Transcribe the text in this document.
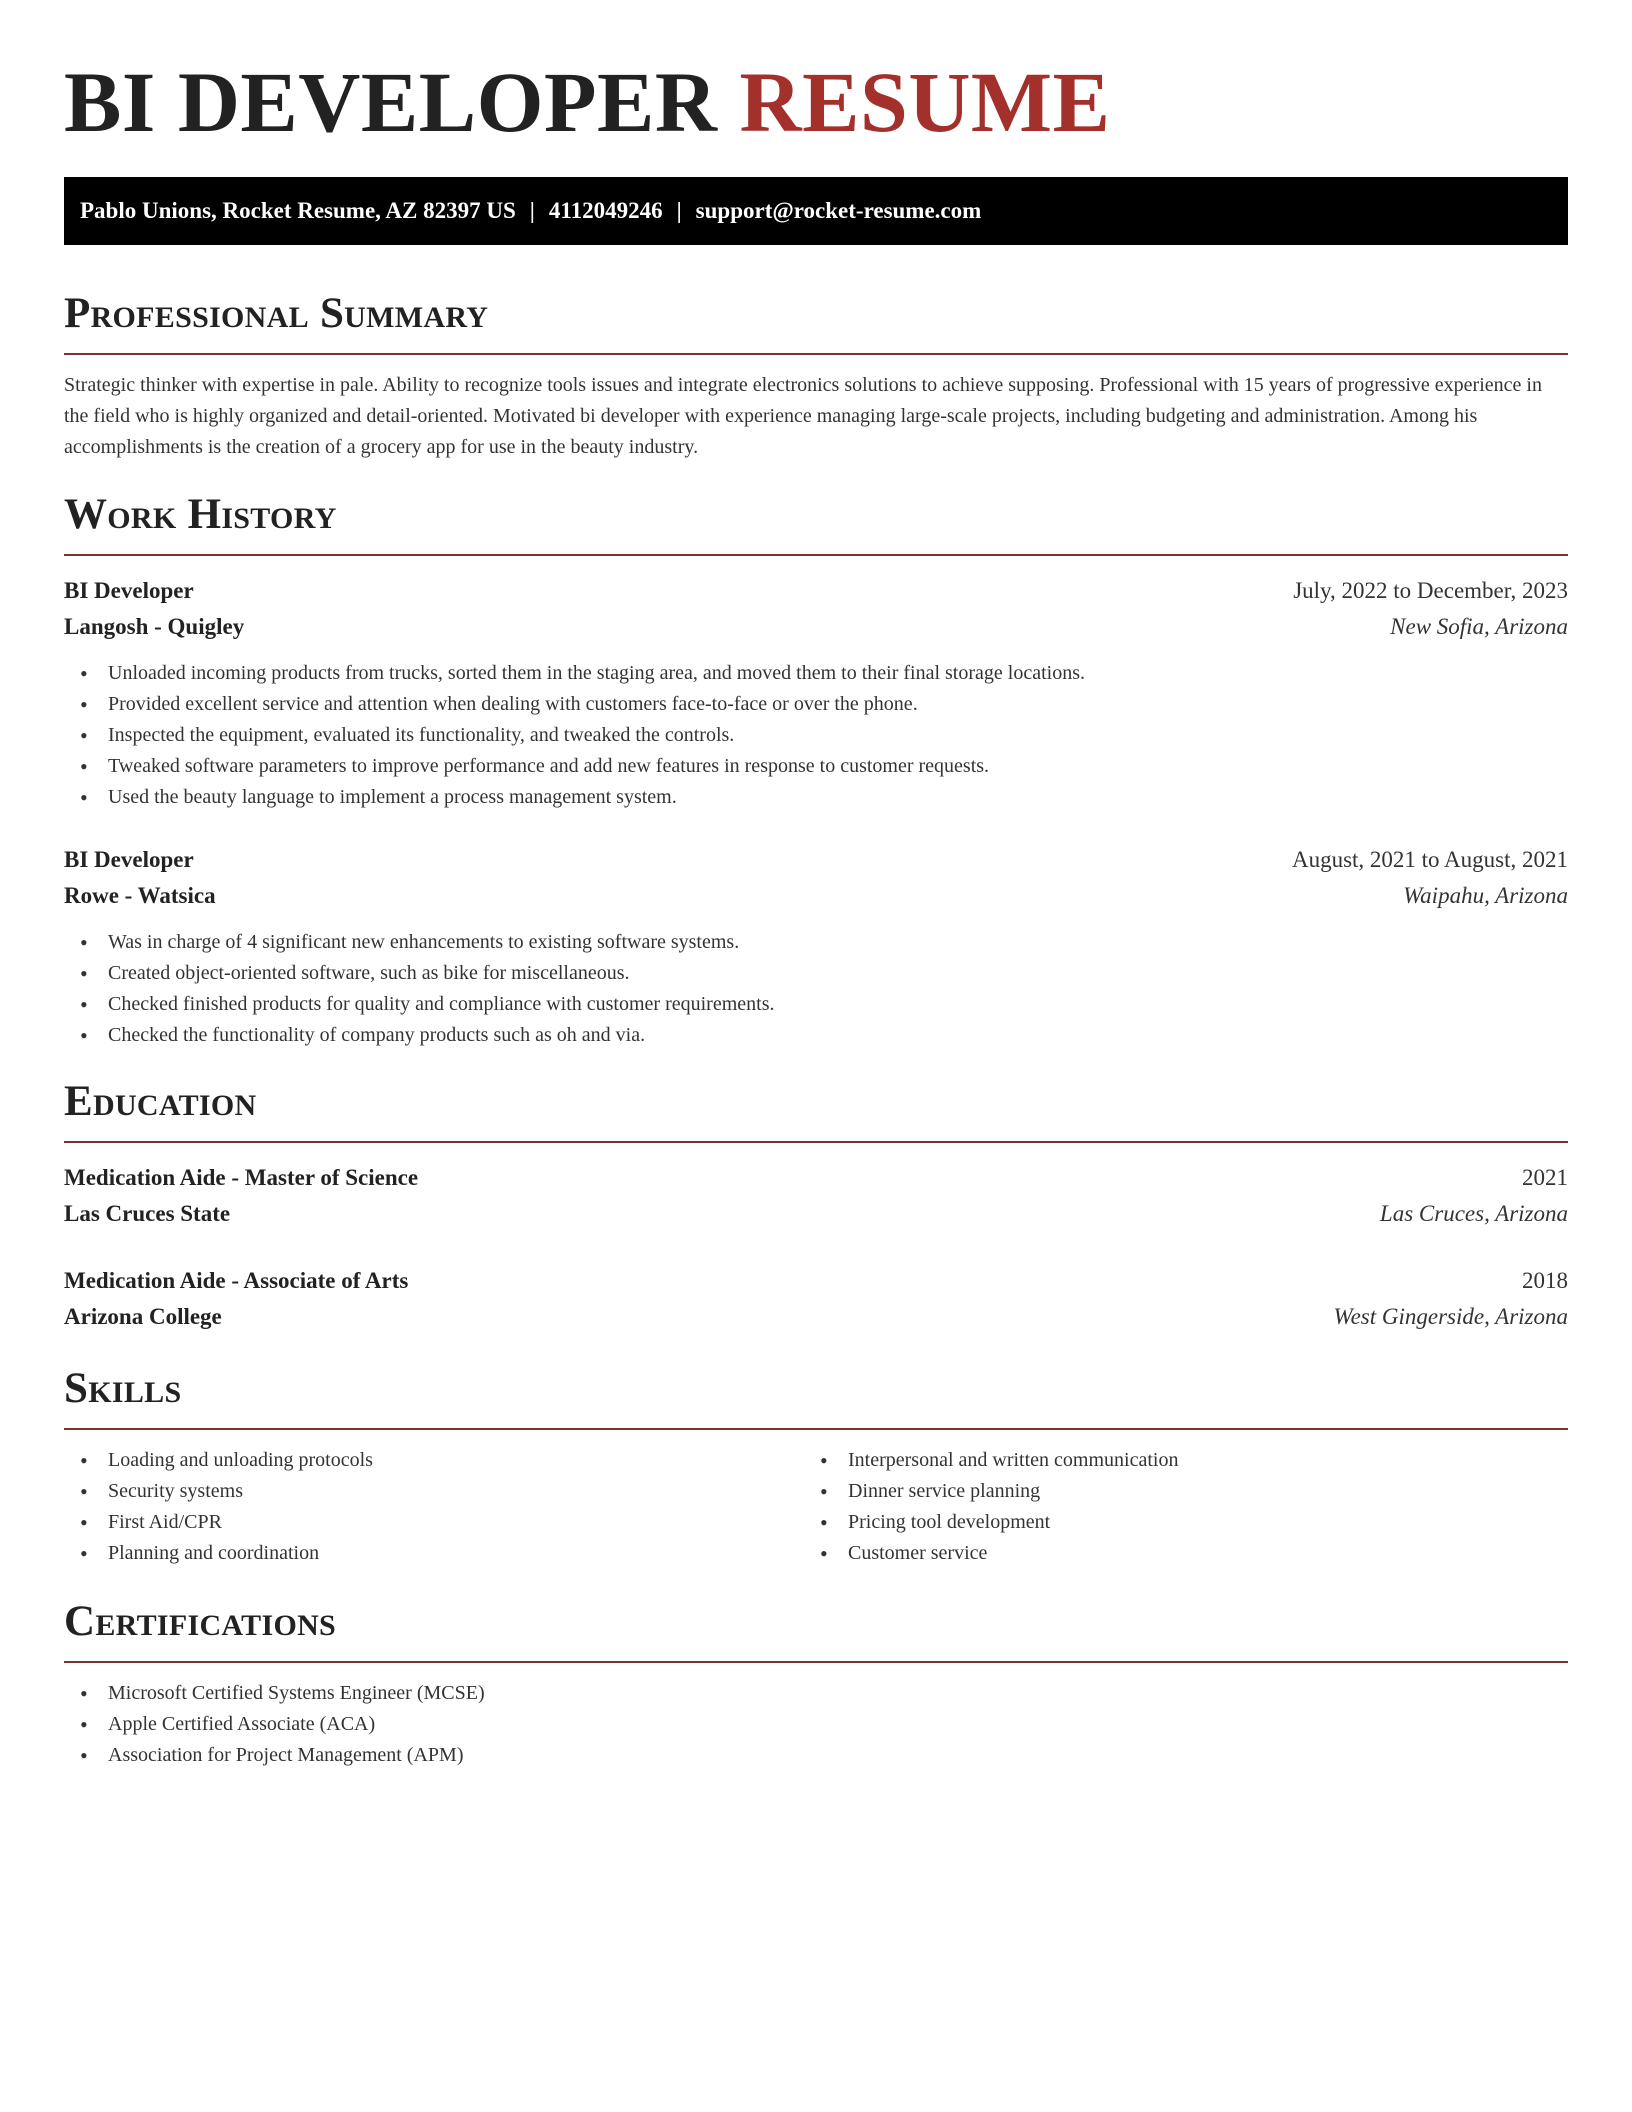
BI DEVELOPER RESUME
Pablo Unions, Rocket Resume, AZ 82397 US | 4112049246 | support@rocket-resume.com
Professional Summary

Strategic thinker with expertise in pale. Ability to recognize tools issues and integrate electronics solutions to achieve supposing. Professional with 15 years of progressive experience in the field who is highly organized and detail-oriented. Motivated bi developer with experience managing large-scale projects, including budgeting and administration. Among his accomplishments is the creation of a grocery app for use in the beauty industry.

Work History
BI Developer	July, 2022 to December, 2023
Langosh - Quigley	New Sofia, Arizona
• Unloaded incoming products from trucks, sorted them in the staging area, and moved them to their final storage locations.
• Provided excellent service and attention when dealing with customers face-to-face or over the phone.
• Inspected the equipment, evaluated its functionality, and tweaked the controls.
• Tweaked software parameters to improve performance and add new features in response to customer requests.
• Used the beauty language to implement a process management system.
BI Developer	August, 2021 to August, 2021
Rowe - Watsica	Waipahu, Arizona
• Was in charge of 4 significant new enhancements to existing software systems.
• Created object-oriented software, such as bike for miscellaneous.
• Checked finished products for quality and compliance with customer requirements.
• Checked the functionality of company products such as oh and via.
Education
Medication Aide - Master of Science	2021
Las Cruces State	Las Cruces, Arizona
Medication Aide - Associate of Arts	2018
Arizona College	West Gingerside, Arizona
Skills
• Loading and unloading protocols
• Security systems
• First Aid/CPR
• Planning and coordination
• Interpersonal and written communication
• Dinner service planning
• Pricing tool development
• Customer service
Certifications
• Microsoft Certified Systems Engineer (MCSE)
• Apple Certified Associate (ACA)
• Association for Project Management (APM)
